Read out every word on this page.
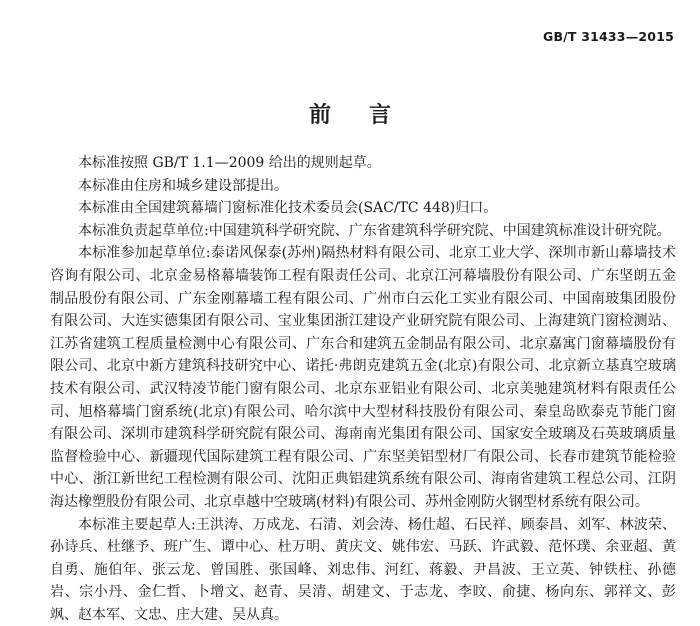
GB/T 31433—2015
前言

本标准按照 GB/T 1.1—2009 给出的规则起草。

本标准由住房和城乡建设部提出。

本标准由全国建筑幕墙门窗标准化技术委员会(SAC/TC 448)归口。

本标准负责起草单位:中国建筑科学研究院、广东省建筑科学研究院、中国建筑标准设计研究院。

本标准参加起草单位:泰诺风保泰(苏州)隔热材料有限公司、北京工业大学、深圳市新山幕墙技术咨询有限公司、北京金易格幕墙装饰工程有限责任公司、北京江河幕墙股份有限公司、广东坚朗五金制品股份有限公司、广东金刚幕墙工程有限公司、广州市白云化工实业有限公司、中国南玻集团股份有限公司、大连实德集团有限公司、宝业集团浙江建设产业研究院有限公司、上海建筑门窗检测站、江苏省建筑工程质量检测中心有限公司、广东合和建筑五金制品有限公司、北京嘉寓门窗幕墙股份有限公司、北京中新方建筑科技研究中心、诺托·弗朗克建筑五金(北京)有限公司、北京新立基真空玻璃技术有限公司、武汉特凌节能门窗有限公司、北京东亚铝业有限公司、北京美驰建筑材料有限责任公司、旭格幕墙门窗系统(北京)有限公司、哈尔滨中大型材科技股份有限公司、秦皇岛欧泰克节能门窗有限公司、深圳市建筑科学研究院有限公司、海南南光集团有限公司、国家安全玻璃及石英玻璃质量监督检验中心、新疆现代国际建筑工程有限公司、广东坚美铝型材厂有限公司、长春市建筑节能检验中心、浙江新世纪工程检测有限公司、沈阳正典铝建筑系统有限公司、海南省建筑工程总公司、江阴海达橡塑股份有限公司、北京卓越中空玻璃(材料)有限公司、苏州金刚防火钢型材系统有限公司。

本标准主要起草人:王洪涛、万成龙、石清、刘会涛、杨仕超、石民祥、顾泰昌、刘军、林波荣、孙诗兵、杜继予、班广生、谭中心、杜万明、黄庆文、姚伟宏、马跃、许武毅、范怀璞、余亚超、黄自勇、施伯年、张云龙、曾国胜、张国峰、刘忠伟、河红、蒋毅、尹昌波、王立英、钟铁柱、孙德岩、宗小丹、金仁哲、卜增文、赵青、吴清、胡建文、于志龙、李旼、俞捷、杨向东、郭祥文、彭飒、赵本军、文忠、庄大建、吴从真。
